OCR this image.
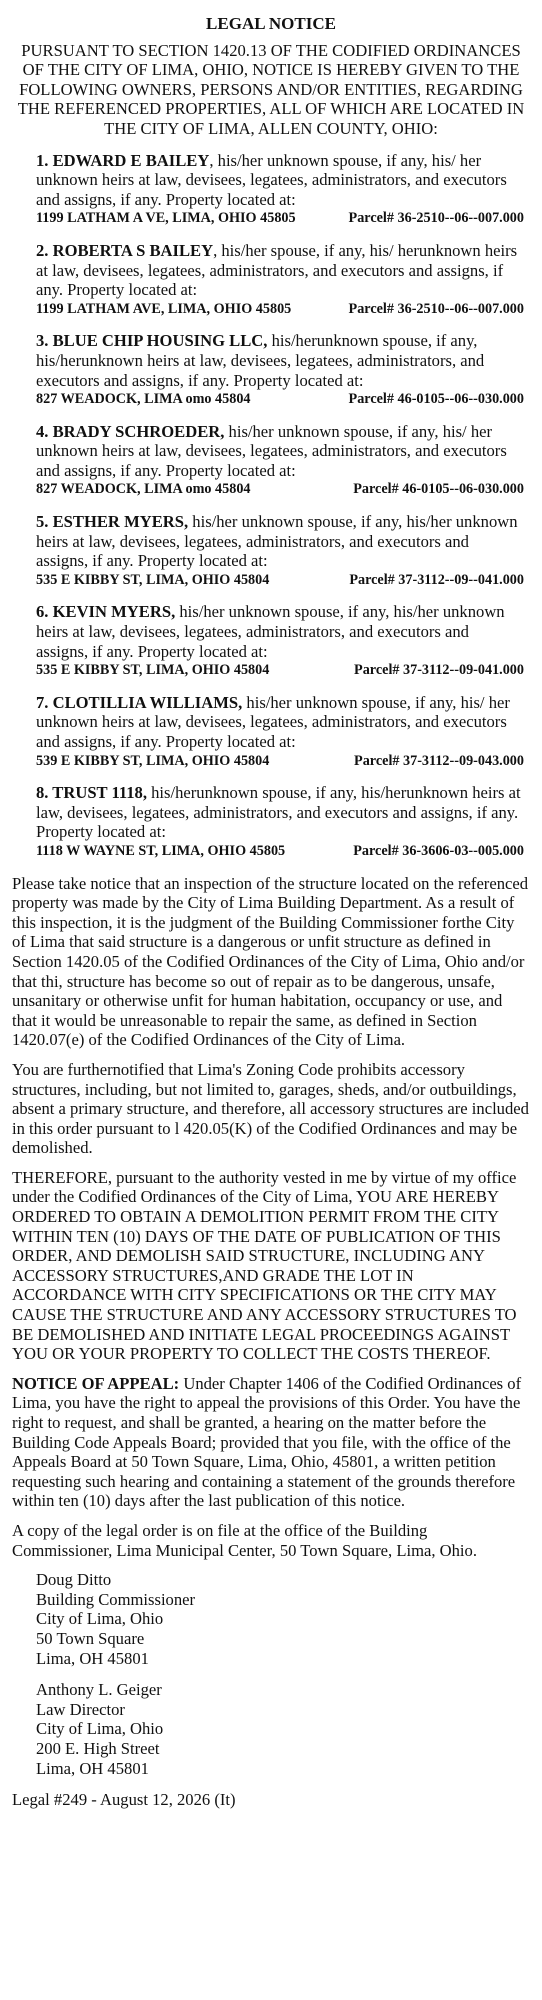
LEGAL NOTICE
PURSUANT TO SECTION 1420.13 OF THE CODIFIED ORDINANCES OF THE CITY OF LIMA, OHIO, NOTICE IS HEREBY GIVEN TO THE FOLLOWING OWNERS, PERSONS AND/OR ENTITIES, REGARDING THE REFERENCED PROPERTIES, ALL OF WHICH ARE LOCATED IN THE CITY OF LIMA, ALLEN COUNTY, OHIO:
1. EDWARD E BAILEY, his/her unknown spouse, if any, his/ her unknown heirs at law, devisees, legatees, administrators, and executors and assigns, if any. Property located at:
1199 LATHAM A VE, LIMA, OHIO 45805	Parcel# 36-2510--06--007.000
2. ROBERTA S BAILEY, his/her spouse, if any, his/ herunknown heirs at law, devisees, legatees, administrators, and executors and assigns, if any. Property located at:
1199 LATHAM AVE, LIMA, OHIO 45805	Parcel# 36-2510--06--007.000
3. BLUE CHIP HOUSING LLC, his/herunknown spouse, if any, his/herunknown heirs at law, devisees, legatees, administrators, and executors and assigns, if any. Property located at:
827 WEADOCK, LIMA omo 45804	Parcel# 46-0105--06--030.000
4. BRADY SCHROEDER, his/her unknown spouse, if any, his/ her unknown heirs at law, devisees, legatees, administrators, and executors and assigns, if any. Property located at:
827 WEADOCK, LIMA omo 45804	Parcel# 46-0105--06-030.000
5. ESTHER MYERS, his/her unknown spouse, if any, his/her unknown heirs at law, devisees, legatees, administrators, and executors and assigns, if any. Property located at:
535 E KIBBY ST, LIMA, OHIO 45804	Parcel# 37-3112--09--041.000
6. KEVIN MYERS, his/her unknown spouse, if any, his/her unknown heirs at law, devisees, legatees, administrators, and executors and assigns, if any. Property located at:
535 E KIBBY ST, LIMA, OHIO 45804	Parcel# 37-3112--09-041.000
7. CLOTILLIA WILLIAMS, his/her unknown spouse, if any, his/ her unknown heirs at law, devisees, legatees, administrators, and executors and assigns, if any. Property located at:
539 E KIBBY ST, LIMA, OHIO 45804	Parcel# 37-3112--09-043.000
8. TRUST 1118, his/herunknown spouse, if any, his/herunknown heirs at law, devisees, legatees, administrators, and executors and assigns, if any. Property located at:
1118 W WAYNE ST, LIMA, OHIO 45805	Parcel# 36-3606-03--005.000
Please take notice that an inspection of the structure located on the referenced property was made by the City of Lima Building Department. As a result of this inspection, it is the judgment of the Building Commissioner forthe City of Lima that said structure is a dangerous or unfit structure as defined in Section 1420.05 of the Codified Ordinances of the City of Lima, Ohio and/or that thi, structure has become so out of repair as to be dangerous, unsafe, unsanitary or otherwise unfit for human habitation, occupancy or use, and that it would be unreasonable to repair the same, as defined in Section 1420.07(e) of the Codified Ordinances of the City of Lima.
You are furthernotified that Lima's Zoning Code prohibits accessory structures, including, but not limited to, garages, sheds, and/or outbuildings, absent a primary structure, and therefore, all accessory structures are included in this order pursuant to l 420.05(K) of the Codified Ordinances and may be demolished.
THEREFORE, pursuant to the authority vested in me by virtue of my office under the Codified Ordinances of the City of Lima, YOU ARE HEREBY ORDERED TO OBTAIN A DEMOLITION PERMIT FROM THE CITY WITHIN TEN (10) DAYS OF THE DATE OF PUBLICATION OF THIS ORDER, AND DEMOLISH SAID STRUCTURE, INCLUDING ANY ACCESSORY STRUCTURES,AND GRADE THE LOT IN ACCORDANCE WITH CITY SPECIFICATIONS OR THE CITY MAY CAUSE THE STRUCTURE AND ANY ACCESSORY STRUCTURES TO BE DEMOLISHED AND INITIATE LEGAL PROCEEDINGS AGAINST YOU OR YOUR PROPERTY TO COLLECT THE COSTS THEREOF.
NOTICE OF APPEAL: Under Chapter 1406 of the Codified Ordinances of Lima, you have the right to appeal the provisions of this Order. You have the right to request, and shall be granted, a hearing on the matter before the Building Code Appeals Board; provided that you file, with the office of the Appeals Board at 50 Town Square, Lima, Ohio, 45801, a written petition requesting such hearing and containing a statement of the grounds therefore within ten (10) days after the last publication of this notice.
A copy of the legal order is on file at the office of the Building Commissioner, Lima Municipal Center, 50 Town Square, Lima, Ohio.
Doug Ditto
Building Commissioner
City of Lima, Ohio
50 Town Square
Lima, OH 45801
Anthony L. Geiger
Law Director
City of Lima, Ohio
200 E. High Street
Lima, OH 45801
Legal #249 - August 12, 2026 (It)
